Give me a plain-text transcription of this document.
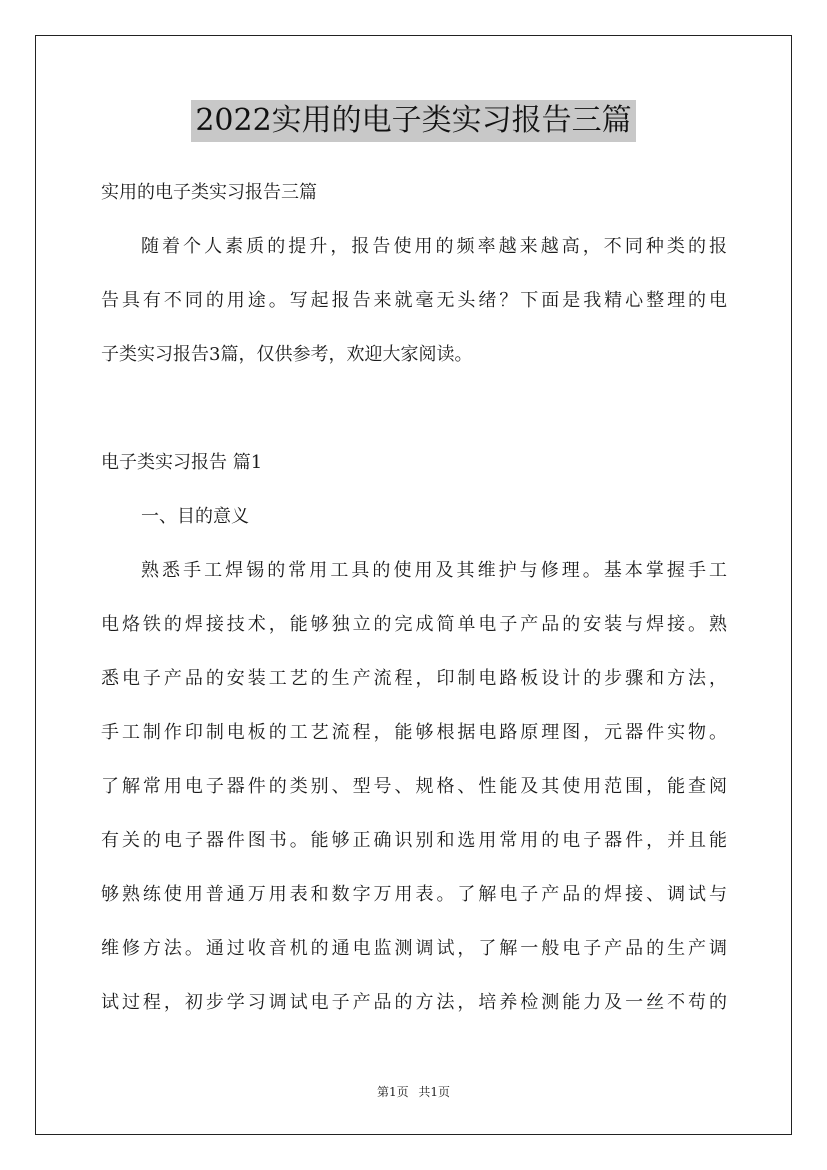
2022实用的电子类实习报告三篇
实用的电子类实习报告三篇
随着个人素质的提升，报告使用的频率越来越高，不同种类的报
告具有不同的用途。写起报告来就毫无头绪？下面是我精心整理的电
子类实习报告3篇，仅供参考，欢迎大家阅读。
电子类实习报告 篇1
一、目的意义
熟悉手工焊锡的常用工具的使用及其维护与修理。基本掌握手工
电烙铁的焊接技术，能够独立的完成简单电子产品的安装与焊接。熟
悉电子产品的安装工艺的生产流程，印制电路板设计的步骤和方法，
手工制作印制电板的工艺流程，能够根据电路原理图，元器件实物。
了解常用电子器件的类别、型号、规格、性能及其使用范围，能查阅
有关的电子器件图书。能够正确识别和选用常用的电子器件，并且能
够熟练使用普通万用表和数字万用表。了解电子产品的焊接、调试与
维修方法。通过收音机的通电监测调试，了解一般电子产品的生产调
试过程，初步学习调试电子产品的方法，培养检测能力及一丝不苟的
第1页 共1页
